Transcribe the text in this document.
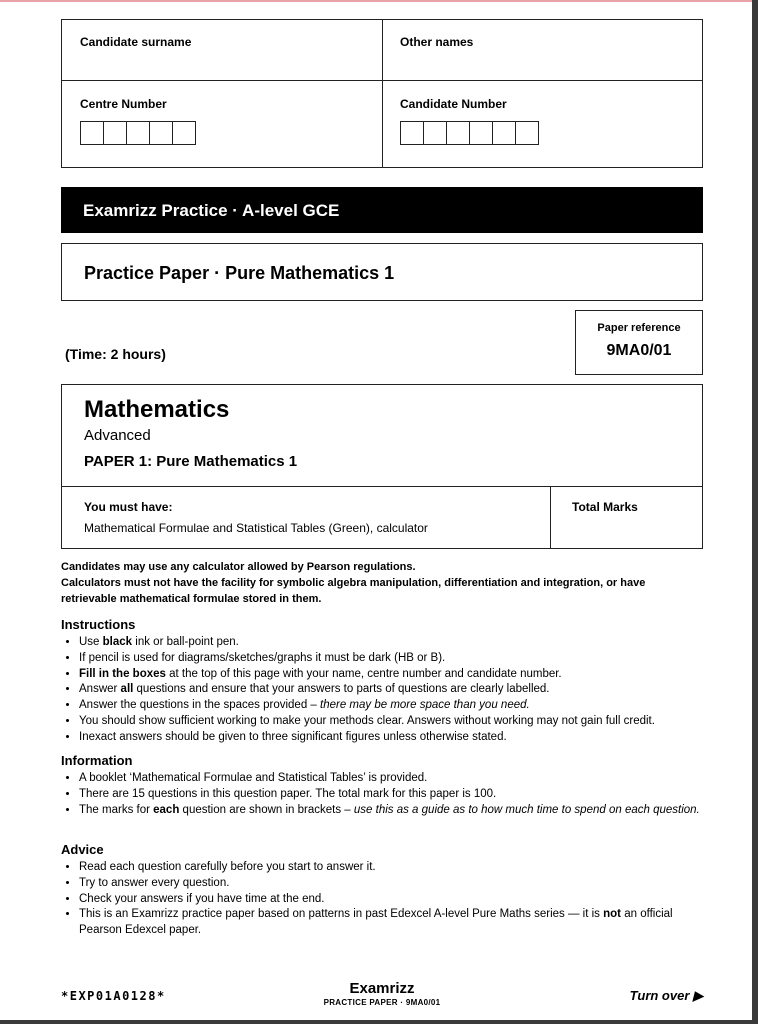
Candidate surname	Other names
Centre Number	Candidate Number
Examrizz Practice · A-level GCE
Practice Paper · Pure Mathematics 1
(Time: 2 hours)
Paper reference
9MA0/01
Mathematics
Advanced
PAPER 1: Pure Mathematics 1
You must have:
Mathematical Formulae and Statistical Tables (Green), calculator
Total Marks
Candidates may use any calculator allowed by Pearson regulations.
Calculators must not have the facility for symbolic algebra manipulation, differentiation and integration, or have retrievable mathematical formulae stored in them.
Instructions
• Use black ink or ball-point pen.
• If pencil is used for diagrams/sketches/graphs it must be dark (HB or B).
• Fill in the boxes at the top of this page with your name, centre number and candidate number.
• Answer all questions and ensure that your answers to parts of questions are clearly labelled.
• Answer the questions in the spaces provided – there may be more space than you need.
• You should show sufficient working to make your methods clear. Answers without working may not gain full credit.
• Inexact answers should be given to three significant figures unless otherwise stated.
Information
• A booklet ‘Mathematical Formulae and Statistical Tables’ is provided.
• There are 15 questions in this question paper. The total mark for this paper is 100.
• The marks for each question are shown in brackets – use this as a guide as to how much time to spend on each question.
Advice
• Read each question carefully before you start to answer it.
• Try to answer every question.
• Check your answers if you have time at the end.
• This is an Examrizz practice paper based on patterns in past Edexcel A-level Pure Maths series — it is not an official Pearson Edexcel paper.
*EXP01A0128*	Examrizz
PRACTICE PAPER · 9MA0/01	Turn over ▶
